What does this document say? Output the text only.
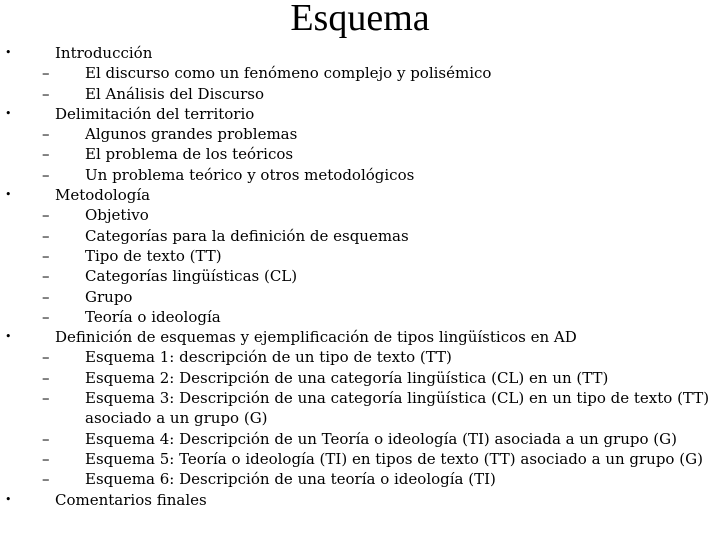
Esquema
•	Introducción

– El discurso como un fenómeno complejo y polisémico

– El Análisis del Discurso

•	Delimitación del territorio

– Algunos grandes problemas

– El problema de los teóricos

– Un problema teórico y otros metodológicos

•	Metodología

– Objetivo

– Categorías para la definición de esquemas

– Tipo de texto (TT)

– Categorías lingüísticas (CL)

– Grupo

– Teoría o ideología

•	Definición de esquemas y ejemplificación de tipos lingüísticos en AD

– Esquema 1: descripción de un tipo de texto (TT)

– Esquema 2: Descripción de una categoría lingüística (CL) en un (TT)

– Esquema 3: Descripción de una categoría lingüística (CL) en un tipo de texto (TT)

asociado a un grupo (G)

– Esquema 4: Descripción de un Teoría o ideología (TI) asociada a un grupo (G)

– Esquema 5: Teoría o ideología (TI) en tipos de texto (TT) asociado a un grupo (G)

– Esquema 6: Descripción de una teoría o ideología (TI)

•	Comentarios finales
